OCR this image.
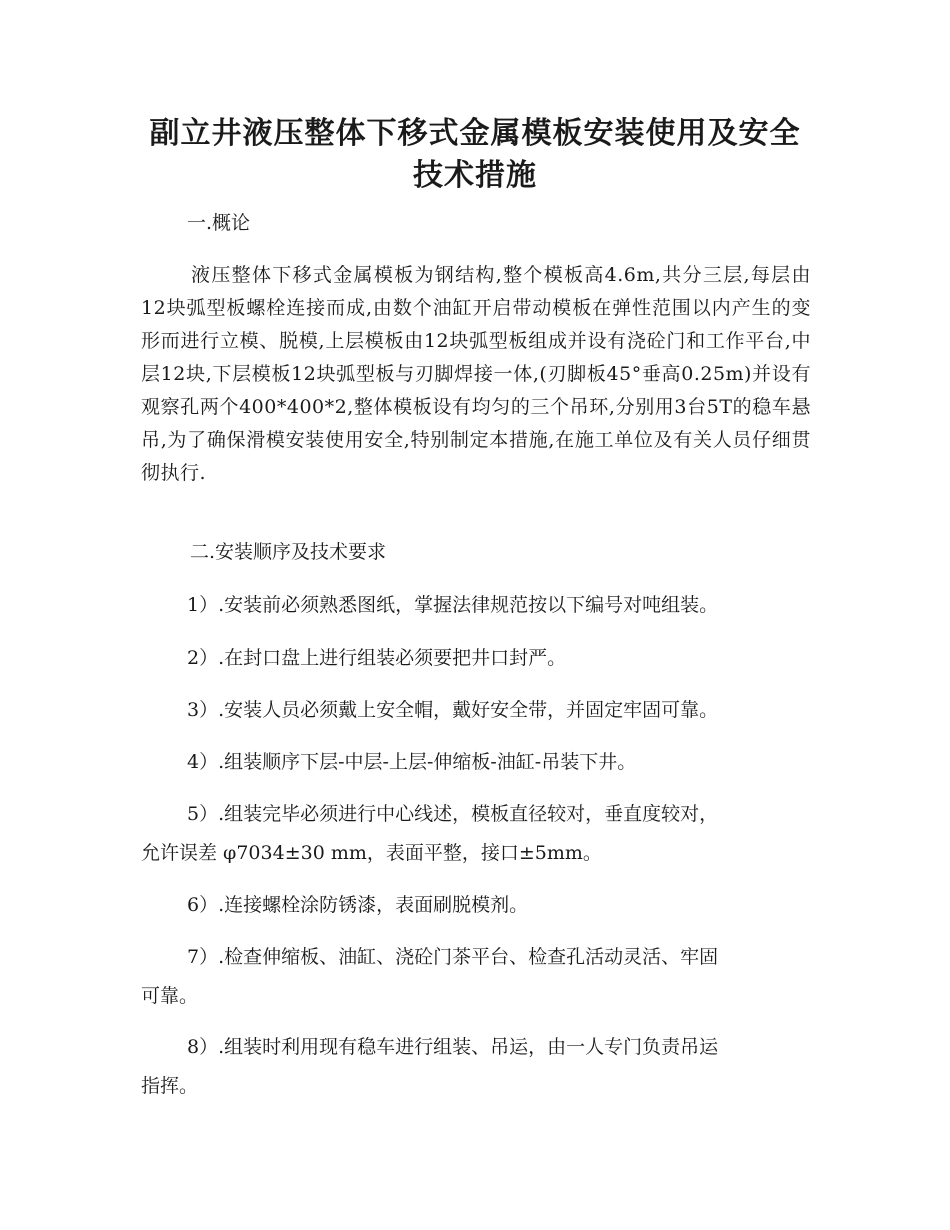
副立井液压整体下移式金属模板安装使用及安全
技术措施
一.概论
液压整体下移式金属模板为钢结构,整个模板高4.6m,共分三层,每层由12块弧型板螺栓连接而成,由数个油缸开启带动模板在弹性范围以内产生的变形而进行立模、脱模,上层模板由12块弧型板组成并设有浇砼门和工作平台,中层12块,下层模板12块弧型板与刃脚焊接一体,(刃脚板45°垂高0.25m)并设有观察孔两个400*400*2,整体模板设有均匀的三个吊环,分别用3台5T的稳车悬吊,为了确保滑模安装使用安全,特别制定本措施,在施工单位及有关人员仔细贯彻执行.
二.安装顺序及技术要求
1）.安装前必须熟悉图纸，掌握法律规范按以下编号对吨组装。
2）.在封口盘上进行组装必须要把井口封严。
3）.安装人员必须戴上安全帽，戴好安全带，并固定牢固可靠。
4）.组装顺序下层-中层-上层-伸缩板-油缸-吊装下井。
5）.组装完毕必须进行中心线述，模板直径较对，垂直度较对，
允许误差 φ7034±30 mm，表面平整，接口±5mm。
6）.连接螺栓涂防锈漆，表面刷脱模剂。
7）.检查伸缩板、油缸、浇砼门茶平台、检查孔活动灵活、牢固
可靠。
8）.组装时利用现有稳车进行组装、吊运，由一人专门负责吊运
指挥。
